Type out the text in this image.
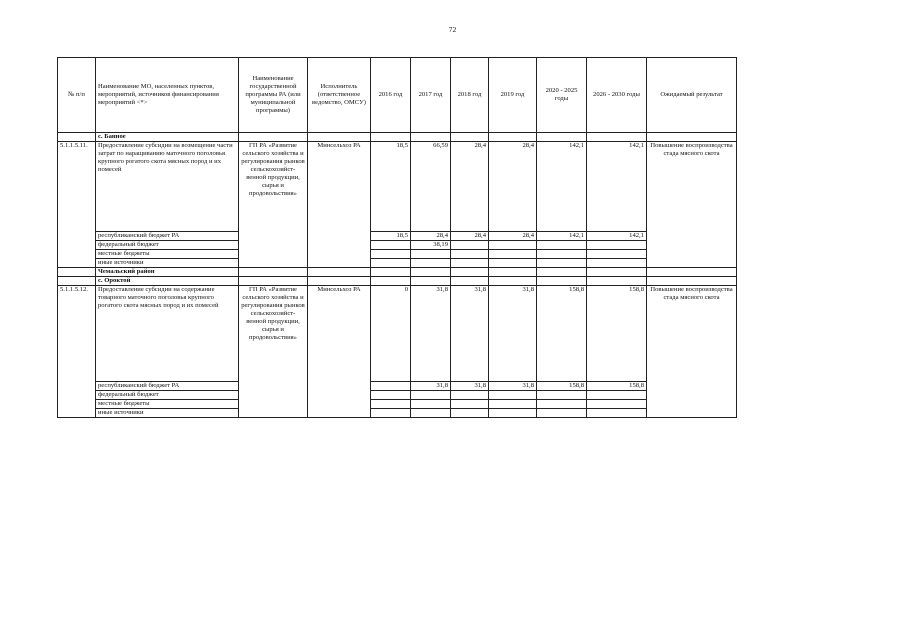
72
№ п/п	Наименование МО, населенных пунктов, мероприятий, источников финансирования мероприятий <*>	Наименование государственной программы РА (или муниципальной программы)	Исполнитель (ответственное ведомство, ОМСУ)	2016 год	2017 год	2018 год	2019 год	2020 - 2025 годы	2026 - 2030 годы	Ожидаемый результат
	с. Банное									
5.1.1.5.11.	Предоставление субсидии на возмещение части затрат по наращиванию маточного поголовья крупного рогатого скота мясных пород и их помесей	ГП РА «Развитие сельского хозяйства и регулирования рынков сельскохозяйст-венной продукции, сырья и продовольствия»	Минсельхоз РА	18,5	66,59	28,4	28,4	142,1	142,1	Повышение воспроизводства стада мясного скота
	республиканский бюджет РА			18,5	28,4	28,4	28,4	142,1	142,1	
	федеральный бюджет				38,19					
	местные бюджеты									
	иные источники									
	Чемальский район									
	с. Ороктой									
5.1.1.5.12.	Предоставление субсидии на содержание товарного маточного поголовья крупного рогатого скота мясных пород и их помесей	ГП РА «Развитие сельского хозяйства и регулирования рынков сельскохозяйст-венной продукции, сырья и продовольствия»	Минсельхоз РА	0	31,8	31,8	31,8	158,8	158,8	Повышение воспроизводства стада мясного скота
	республиканский бюджет РА				31,8	31,8	31,8	158,8	158,8	
	федеральный бюджет									
	местные бюджеты									
	иные источники									
